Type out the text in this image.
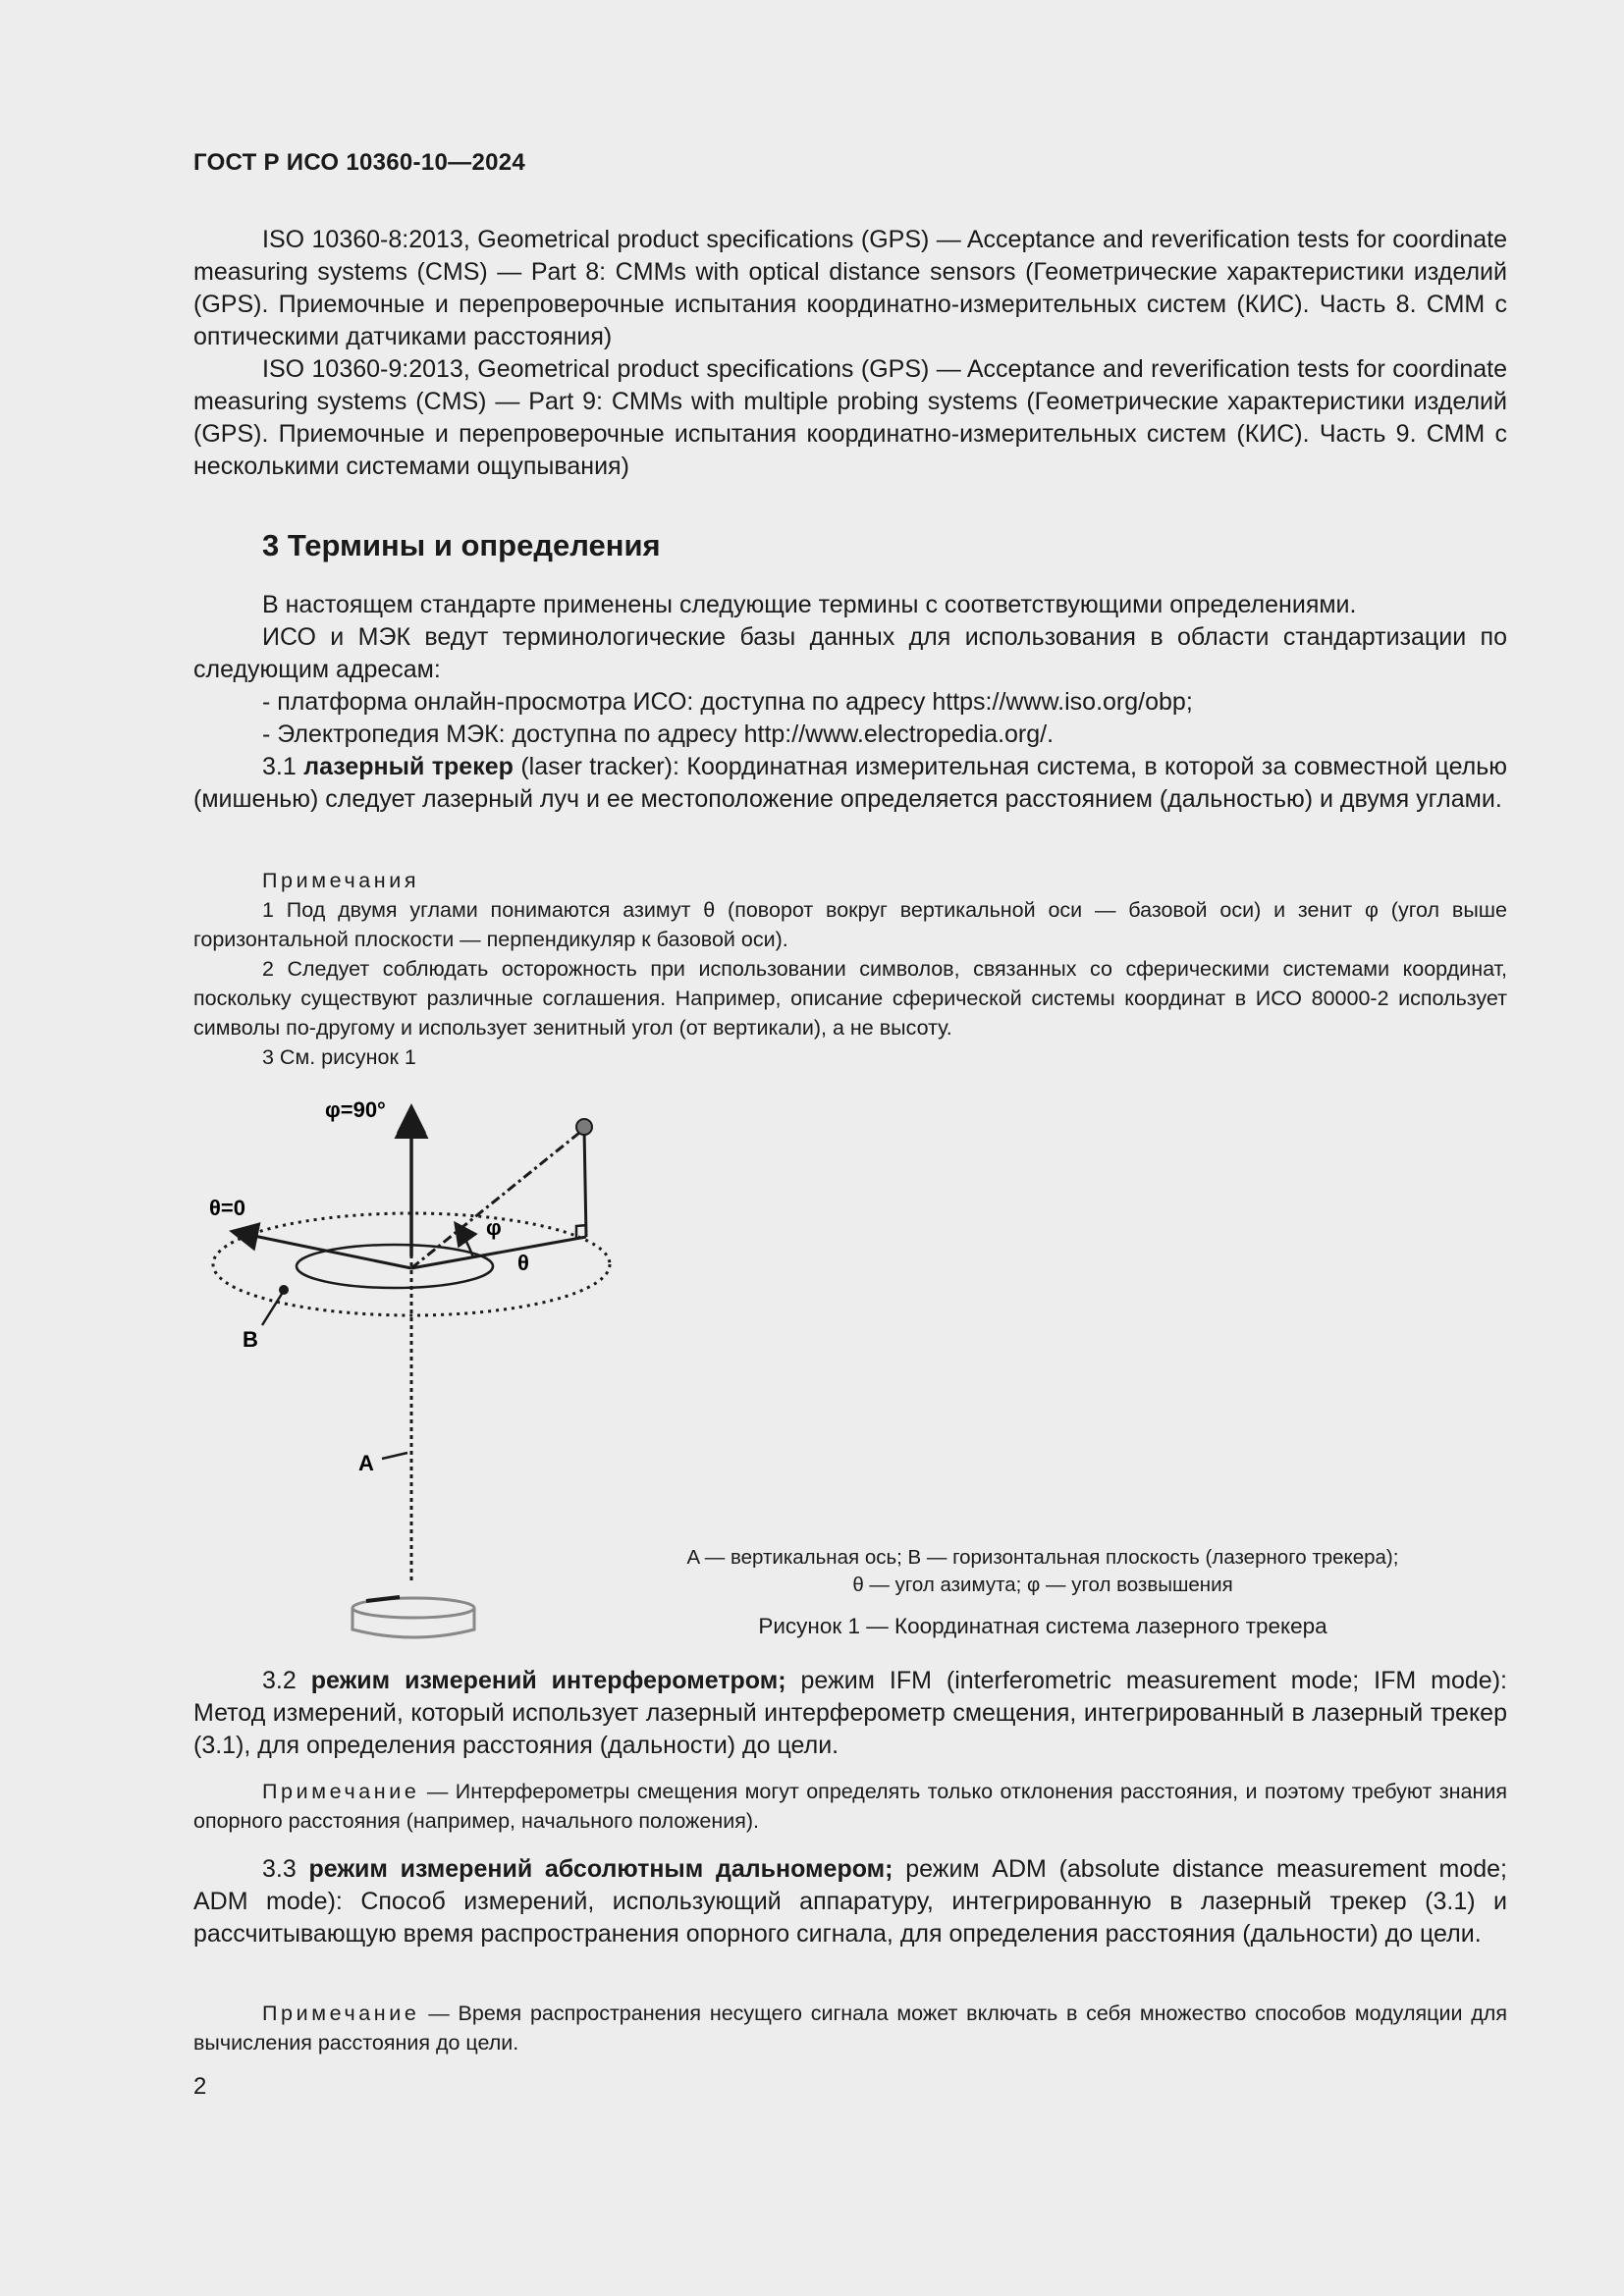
ГОСТ Р ИСО 10360-10—2024

ISO 10360-8:2013, Geometrical product specifications (GPS) — Acceptance and reverification tests for coordinate measuring systems (CMS) — Part 8: CMMs with optical distance sensors (Геометрические характеристики изделий (GPS). Приемочные и перепроверочные испытания координатно-измерительных систем (КИС). Часть 8. СММ с оптическими датчиками расстояния)

ISO 10360-9:2013, Geometrical product specifications (GPS) — Acceptance and reverification tests for coordinate measuring systems (CMS) — Part 9: CMMs with multiple probing systems (Геометрические характеристики изделий (GPS). Приемочные и перепроверочные испытания координатно-измерительных систем (КИС). Часть 9. СММ с несколькими системами ощупывания)

3 Термины и определения

В настоящем стандарте применены следующие термины с соответствующими определениями.

ИСО и МЭК ведут терминологические базы данных для использования в области стандартизации по следующим адресам:

- платформа онлайн-просмотра ИСО: доступна по адресу https://www.iso.org/obp;

- Электропедия МЭК: доступна по адресу http://www.electropedia.org/.

3.1 лазерный трекер (laser tracker): Координатная измерительная система, в которой за совместной целью (мишенью) следует лазерный луч и ее местоположение определяется расстоянием (дальностью) и двумя углами.

Примечания

1 Под двумя углами понимаются азимут θ (поворот вокруг вертикальной оси — базовой оси) и зенит φ (угол выше горизонтальной плоскости — перпендикуляр к базовой оси).

2 Следует соблюдать осторожность при использовании символов, связанных со сферическими системами координат, поскольку существуют различные соглашения. Например, описание сферической системы координат в ИСО 80000-2 использует символы по-другому и использует зенитный угол (от вертикали), а не высоту.

3 См. рисунок 1

φ=90°
θ=0
φ
θ
B
A
A — вертикальная ось; B — горизонтальная плоскость (лазерного трекера);
θ — угол азимута; φ — угол возвышения
Рисунок 1 — Координатная система лазерного трекера

3.2 режим измерений интерферометром; режим IFM (interferometric measurement mode; IFM mode): Метод измерений, который использует лазерный интерферометр смещения, интегрированный в лазерный трекер (3.1), для определения расстояния (дальности) до цели.

Примечание — Интерферометры смещения могут определять только отклонения расстояния, и поэтому требуют знания опорного расстояния (например, начального положения).

3.3 режим измерений абсолютным дальномером; режим ADM (absolute distance measurement mode; ADM mode): Способ измерений, использующий аппаратуру, интегрированную в лазерный трекер (3.1) и рассчитывающую время распространения опорного сигнала, для определения расстояния (дальности) до цели.

Примечание — Время распространения несущего сигнала может включать в себя множество способов модуляции для вычисления расстояния до цели.

2
